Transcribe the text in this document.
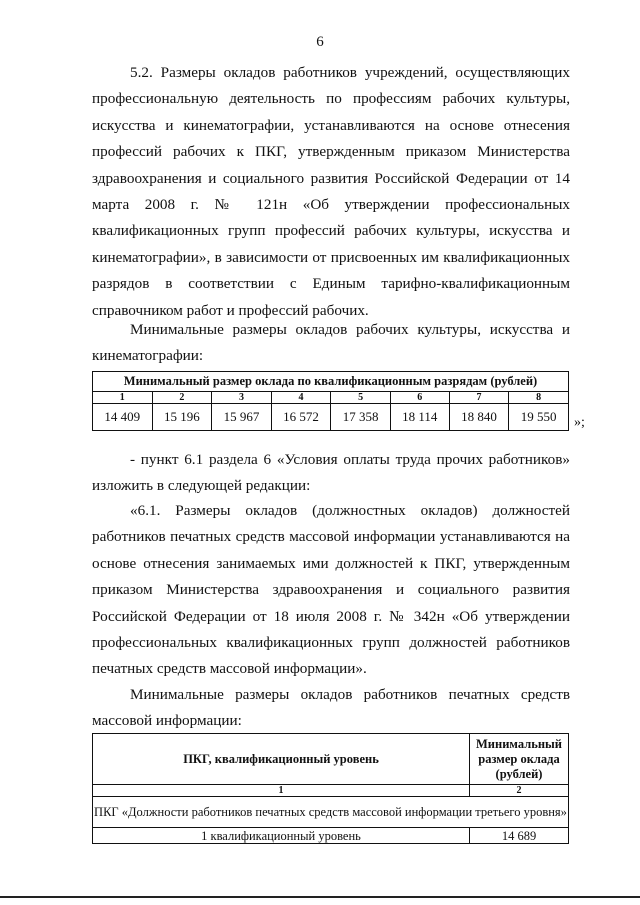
6

5.2. Размеры окладов работников учреждений, осуществляющих профессиональную деятельность по профессиям рабочих культуры, искусства и кинематографии, устанавливаются на основе отнесения профессий рабочих к ПКГ, утвержденным приказом Министерства здравоохранения и социального развития Российской Федерации от 14 марта 2008 г. № 121н «Об утверждении профессиональных квалификационных групп профессий рабочих культуры, искусства и кинематографии», в зависимости от присвоенных им квалификационных разрядов в соответствии с Единым тарифно-квалификационным справочником работ и профессий рабочих.

Минимальные размеры окладов рабочих культуры, искусства и кинематографии:

Минимальный размер оклада по квалификационным разрядам (рублей)							
1	2	3	4	5	6	7	8
14 409	15 196	15 967	16 572	17 358	18 114	18 840	19 550 »;

- пункт 6.1 раздела 6 «Условия оплаты труда прочих работников» изложить в следующей редакции:

«6.1. Размеры окладов (должностных окладов) должностей работников печатных средств массовой информации устанавливаются на основе отнесения занимаемых ими должностей к ПКГ, утвержденным приказом Министерства здравоохранения и социального развития Российской Федерации от 18 июля 2008 г. № 342н «Об утверждении профессиональных квалификационных групп должностей работников печатных средств массовой информации».

Минимальные размеры окладов работников печатных средств массовой информации:

ПКГ, квалификационный уровень	Минимальный размер оклада (рублей)
1	2
ПКГ «Должности работников печатных средств массовой информации третьего уровня»	
1 квалификационный уровень	14 689
